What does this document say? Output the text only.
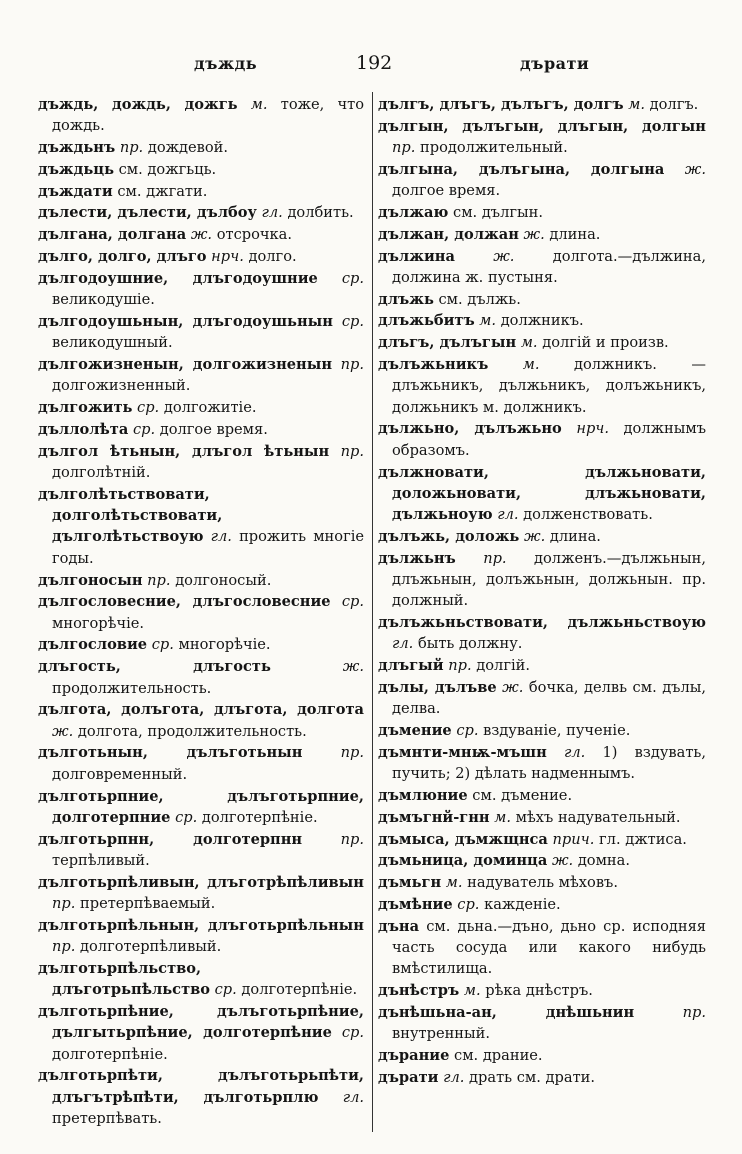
дъждь	192	дърати
дъждь, дождь, дожгь м. тоже, что дождь.
дъждьнъ пр. дождевой.
дъждьць см. дожгьць.
дъждати см. джгати.
дълести, дълести, дълбоу гл. долбить.
дългана, долгана ж. отсрочка.
дълго, долго, длъго нрч. долго.
дългодоушние, длъгодоушние ср. великодушіе.
дългодоушьнын, длъгодоушьнын ср. великодушный.
дългожизненын, долгожизненын пр. долгожизненный.
дългожить ср. долгожитіе.
дъллолѣта ср. долгое время.
дългол ѣтьнын, длъгол ѣтьнын пр. долголѣтній.
дълголѣтьствовати, долголѣтьствовати, дълголѣтьствоую гл. прожить многіе годы.
дългоносын пр. долгоносый.
дългословесние, длъгословесние ср. многорѣчіе.
дългословие ср. многорѣчіе.
длъгость, длъгость	ж. продолжительность.
дългота, долъгота, длъгота, долгота ж. долгота, продолжительность.
дълготьнын, дълъготьнын	пр. долговременный.
дълготьрпние, дълъготьрпние, долготерпние ср. долготерпѣніе.
дълготьрпнн, долготерпнн	пр. терпѣливый.
дълготьрпѣливын, длъготрѣпѣливын пр. претерпѣваемый.
дълготьрпѣльнын, длъготьрпѣльнын пр. долготерпѣливый.
дълготьрпѣльство, длъготрьпѣльство ср. долготерпѣніе.
дълготьрпѣние, дълъготьрпѣние, дългытьрпѣние, долготерпѣние ср. долготерпѣніе.
дълготьрпѣти, дълъготьрьпѣти, длъгътрѣпѣти, дълготьрплю гл. претерпѣвать.
дългъ, длъгъ, дълъгъ, долгъ м. долгъ.
дългын, дълъгын, длъгын, долгын пр. продолжительный.
дългына, дълъгына, долгына ж. долгое время.
дължаю см. дългын.
дължан, должан ж. длина.
дължина	ж.	долгота.—дължина, должина ж. пустыня.
длъжь см. дължь.
длъжьбитъ м. должникъ.
длъгъ, дълъгын м. долгій и произв.
дълъжьникъ м. должникъ. — длъжьникъ, дължьникъ, долъжьникъ, должьникъ м. должникъ.
дължьно, дълъжьно нрч. должнымъ образомъ.
дължновати, дължьновати, доложьновати, длъжьновати, дължьноую гл. долженствовать.
дълъжь, доложь ж. длина.
дължьнъ пр. долженъ.—дължьнын, длъжьнын, долъжьнын, должьнын. пр. должный.
дълъжьньствовати, дължьньствоую гл. быть должну.
длъгый пр. долгій.
дълы, дълъве ж. бочка, делвь см. дълы, делва.
дъмение ср. вздуваніе, пученіе.
дъмнти-мнѭ-мъшн гл. 1) вздувать, пучить; 2) дѣлать надменнымъ.
дъмлюние см. дъмение.
дъмъгнй-гнн м. мѣхъ надувательный.
дъмыса, дъмжщнса прич. гл. джтиса.
дъмьница, доминца ж. домна.
дъмьгн м. надуватель мѣховъ.
дъмѣние ср. кажденіе.
дъна см. дьна.—дъно, дьно ср. исподняя часть сосуда или какого нибудь вмѣстилища.
дънѣстръ м. рѣка днѣстръ.
дънѣшьна-ан, днѣшьнин	пр. внутренный.
дърание см. драние.
дърати гл. драть см. драти.
